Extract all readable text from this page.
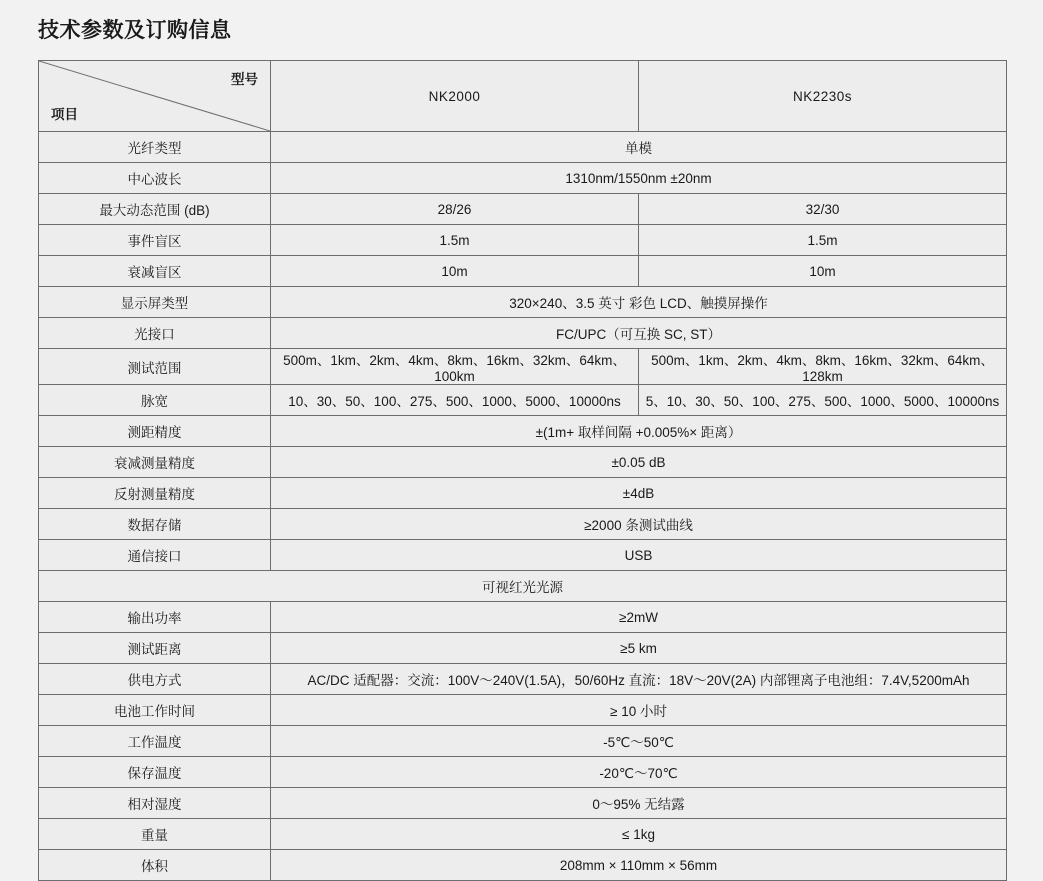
技术参数及订购信息
型号
项目	NK2000	NK2230s
光纤类型	单模	
中心波长	1310nm/1550nm ±20nm	
最大动态范围 (dB)	28/26	32/30
事件盲区	1.5m	1.5m
衰减盲区	10m	10m
显示屏类型	320×240、3.5 英寸 彩色 LCD、触摸屏操作	
光接口	FC/UPC（可互换 SC, ST）	
测试范围	500m、1km、2km、4km、8km、16km、32km、64km、100km	500m、1km、2km、4km、8km、16km、32km、64km、128km
脉宽	10、30、50、100、275、500、1000、5000、10000ns	5、10、30、50、100、275、500、1000、5000、10000ns
测距精度	±(1m+ 取样间隔 +0.005%× 距离）	
衰减测量精度	±0.05 dB	
反射测量精度	±4dB	
数据存储	≥2000 条测试曲线	
通信接口	USB	
可视红光光源		
输出功率	≥2mW	
测试距离	≥5 km	
供电方式	AC/DC 适配器：交流：100V～240V(1.5A)，50/60Hz 直流：18V～20V(2A) 内部锂离子电池组：7.4V,5200mAh	
电池工作时间	≥ 10 小时	
工作温度	-5℃～50℃	
保存温度	-20℃～70℃	
相对湿度	0～95% 无结露	
重量	≤ 1kg	
体积	208mm × 110mm × 56mm	
